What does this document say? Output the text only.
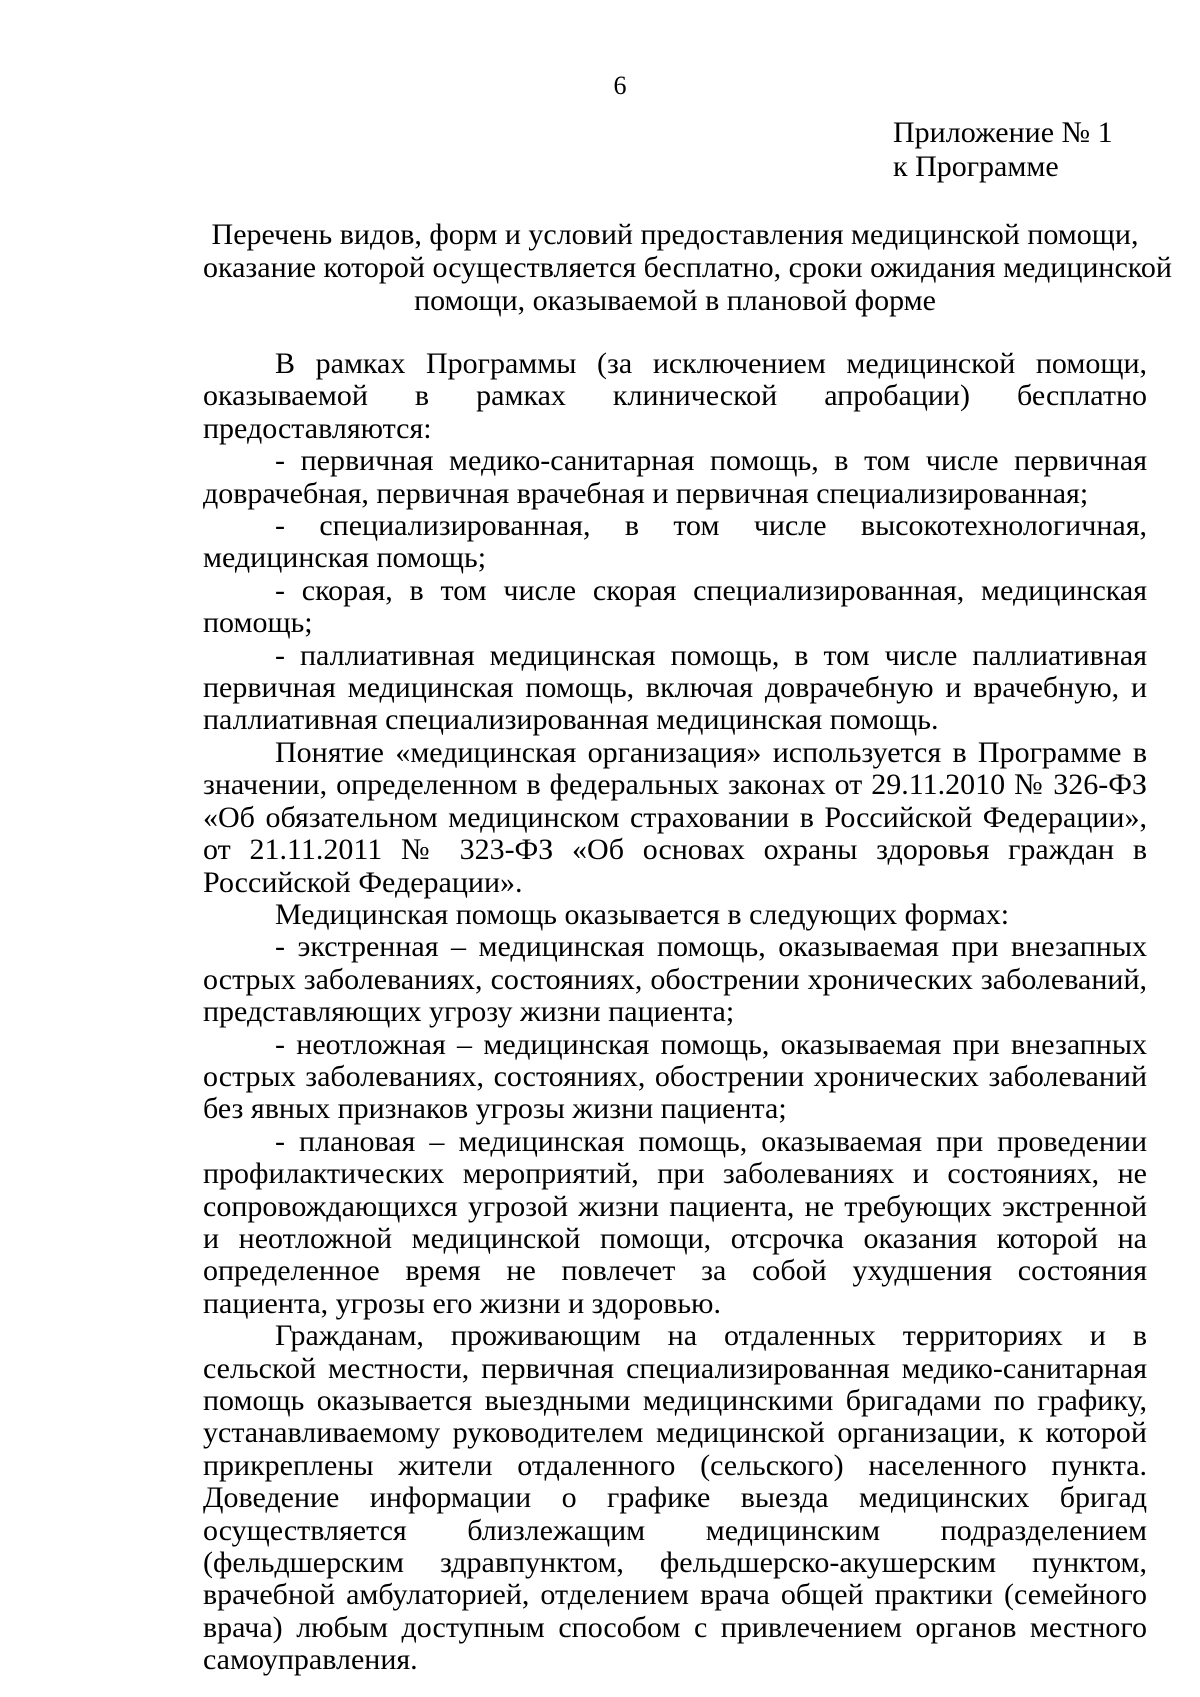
6
Приложение № 1
к Программе
Перечень видов, форм и условий предоставления медицинской помощи,
оказание которой осуществляется бесплатно, сроки ожидания медицинской
помощи, оказываемой в плановой форме

В рамках Программы (за исключением медицинской помощи, оказываемой в рамках клинической апробации) бесплатно предоставляются:

- первичная медико-санитарная помощь, в том числе первичная доврачебная, первичная врачебная и первичная специализированная;

- специализированная, в том числе высокотехнологичная, медицинская помощь;

- скорая, в том числе скорая специализированная, медицинская помощь;

- паллиативная медицинская помощь, в том числе паллиативная первичная медицинская помощь, включая доврачебную и врачебную, и паллиативная специализированная медицинская помощь.

Понятие «медицинская организация» используется в Программе в значении, определенном в федеральных законах от 29.11.2010 № 326-ФЗ «Об обязательном медицинском страховании в Российской Федерации», от 21.11.2011 № 323-ФЗ «Об основах охраны здоровья граждан в Российской Федерации».

Медицинская помощь оказывается в следующих формах:

- экстренная – медицинская помощь, оказываемая при внезапных острых заболеваниях, состояниях, обострении хронических заболеваний, представляющих угрозу жизни пациента;

- неотложная – медицинская помощь, оказываемая при внезапных острых заболеваниях, состояниях, обострении хронических заболеваний без явных признаков угрозы жизни пациента;

- плановая – медицинская помощь, оказываемая при проведении профилактических мероприятий, при заболеваниях и состояниях, не сопровождающихся угрозой жизни пациента, не требующих экстренной и неотложной медицинской помощи, отсрочка оказания которой на определенное время не повлечет за собой ухудшения состояния пациента, угрозы его жизни и здоровью.

Гражданам, проживающим на отдаленных территориях и в сельской местности, первичная специализированная медико-санитарная помощь оказывается выездными медицинскими бригадами по графику, устанавливаемому руководителем медицинской организации, к которой прикреплены жители отдаленного (сельского) населенного пункта. Доведение информации о графике выезда медицинских бригад осуществляется близлежащим медицинским подразделением (фельдшерским здравпунктом, фельдшерско-акушерским пунктом, врачебной амбулаторией, отделением врача общей практики (семейного врача) любым доступным способом с привлечением органов местного самоуправления.
